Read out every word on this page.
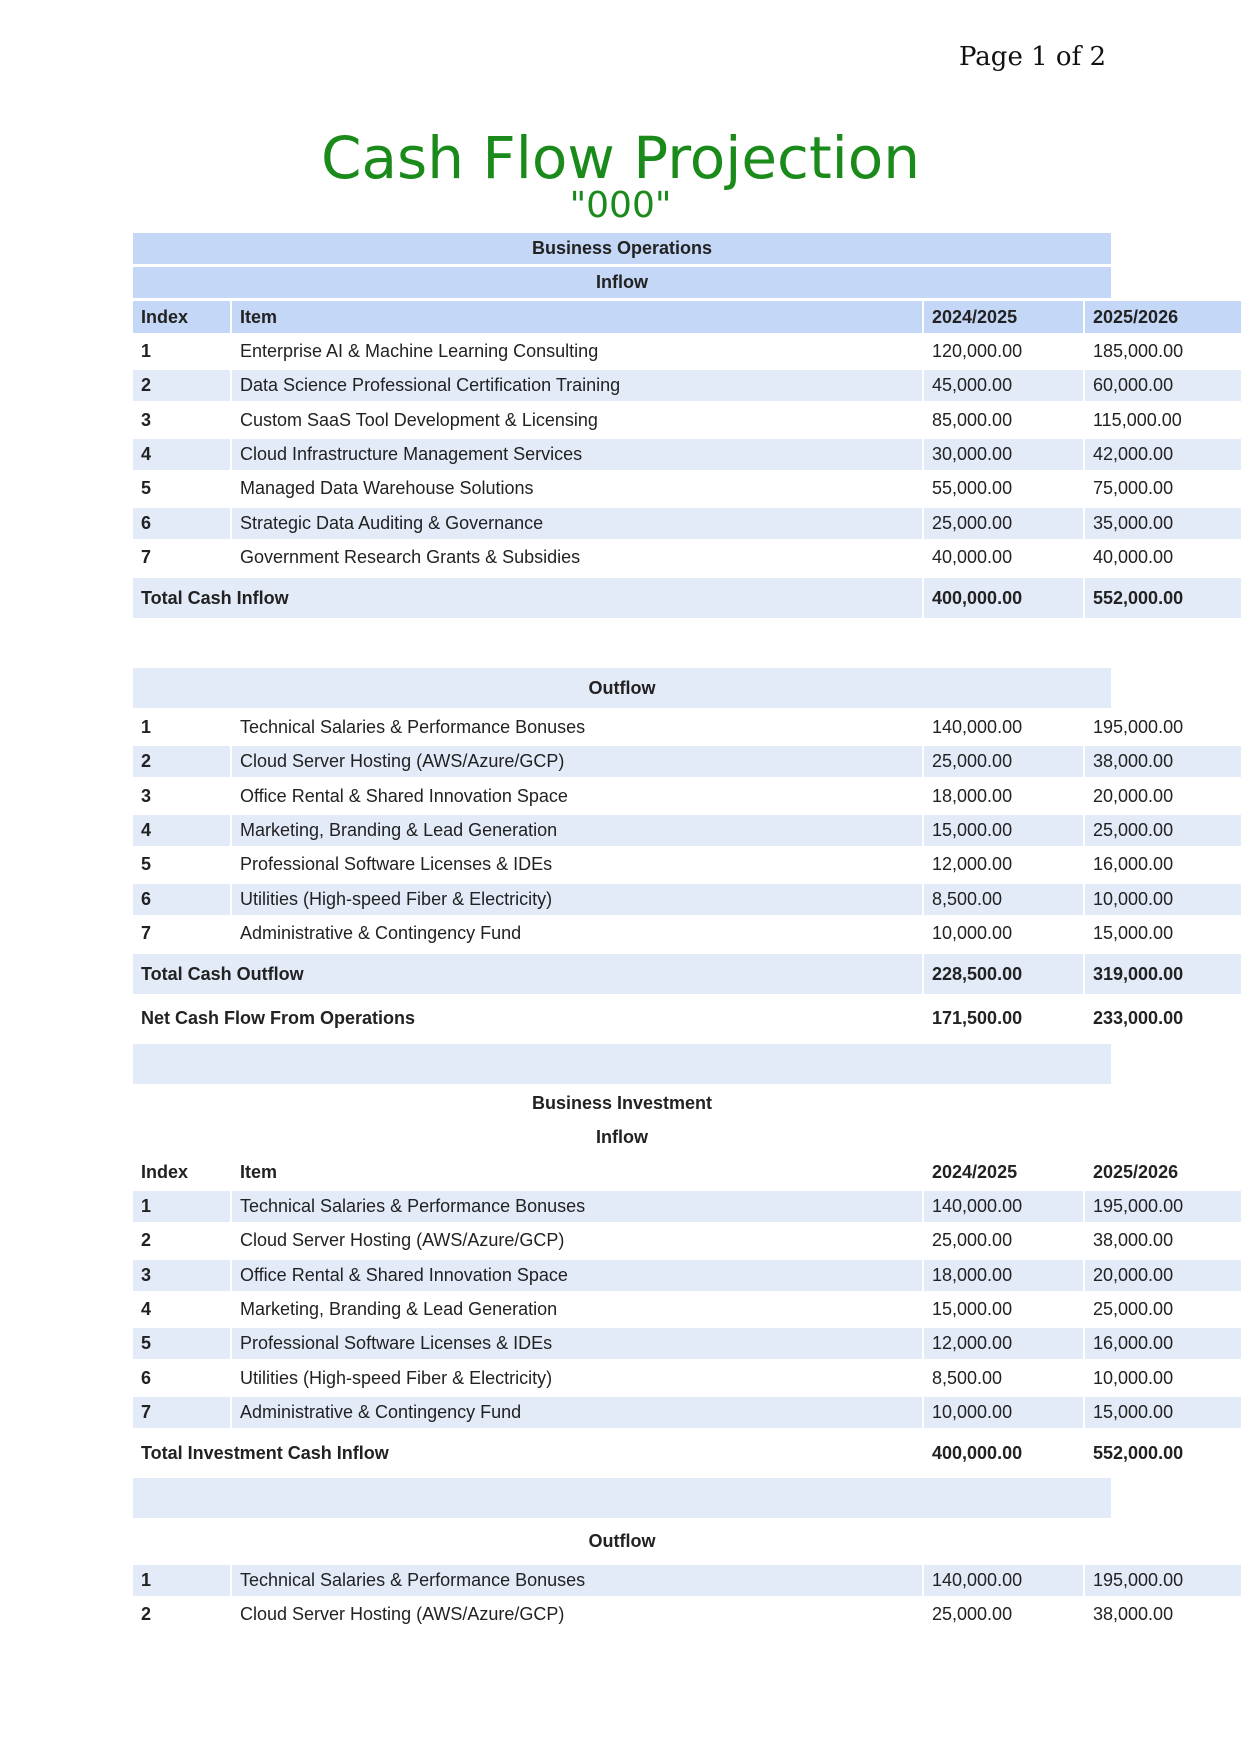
Page 1 of 2
Cash Flow Projection
"000"
Business Operations
Inflow
Index	Item	2024/2025	2025/2026
1	Enterprise AI & Machine Learning Consulting	120,000.00	185,000.00
2	Data Science Professional Certification Training	45,000.00	60,000.00
3	Custom SaaS Tool Development & Licensing	85,000.00	115,000.00
4	Cloud Infrastructure Management Services	30,000.00	42,000.00
5	Managed Data Warehouse Solutions	55,000.00	75,000.00
6	Strategic Data Auditing & Governance	25,000.00	35,000.00
7	Government Research Grants & Subsidies	40,000.00	40,000.00
Total Cash Inflow	400,000.00	552,000.00
Outflow
1	Technical Salaries & Performance Bonuses	140,000.00	195,000.00
2	Cloud Server Hosting (AWS/Azure/GCP)	25,000.00	38,000.00
3	Office Rental & Shared Innovation Space	18,000.00	20,000.00
4	Marketing, Branding & Lead Generation	15,000.00	25,000.00
5	Professional Software Licenses & IDEs	12,000.00	16,000.00
6	Utilities (High-speed Fiber & Electricity)	8,500.00	10,000.00
7	Administrative & Contingency Fund	10,000.00	15,000.00
Total Cash Outflow	228,500.00	319,000.00
Net Cash Flow From Operations	171,500.00	233,000.00
Business Investment
Inflow
Index	Item	2024/2025	2025/2026
1	Technical Salaries & Performance Bonuses	140,000.00	195,000.00
2	Cloud Server Hosting (AWS/Azure/GCP)	25,000.00	38,000.00
3	Office Rental & Shared Innovation Space	18,000.00	20,000.00
4	Marketing, Branding & Lead Generation	15,000.00	25,000.00
5	Professional Software Licenses & IDEs	12,000.00	16,000.00
6	Utilities (High-speed Fiber & Electricity)	8,500.00	10,000.00
7	Administrative & Contingency Fund	10,000.00	15,000.00
Total Investment Cash Inflow	400,000.00	552,000.00
Outflow
1	Technical Salaries & Performance Bonuses	140,000.00	195,000.00
2	Cloud Server Hosting (AWS/Azure/GCP)	25,000.00	38,000.00
